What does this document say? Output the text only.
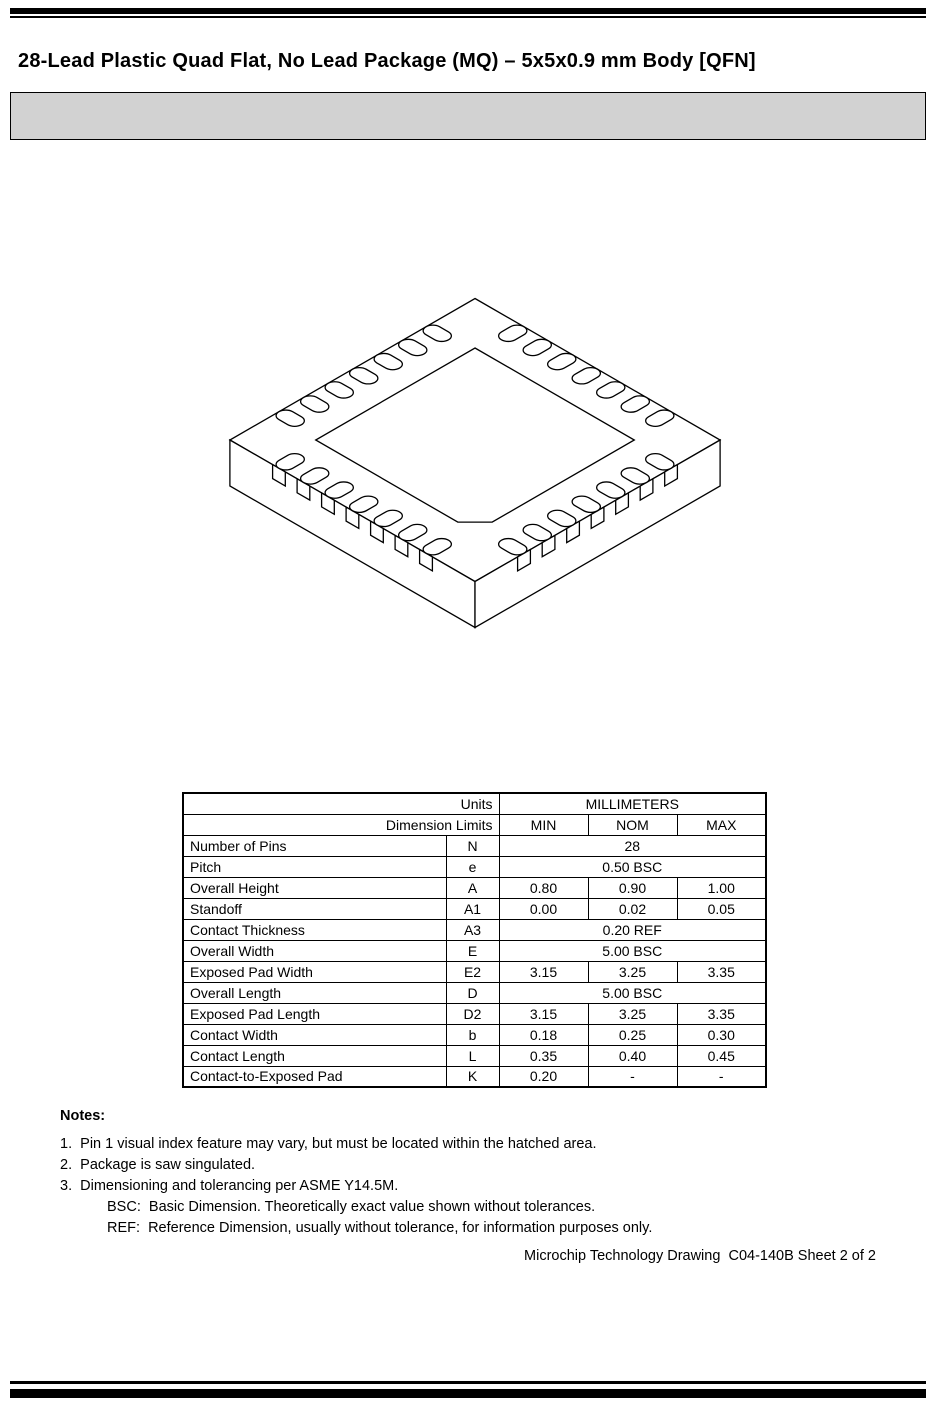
28-Lead Plastic Quad Flat, No Lead Package (MQ) – 5x5x0.9 mm Body [QFN]
Units		MILLIMETERS		
Dimension Limits		MIN	NOM	MAX
Number of Pins	N	28		
Pitch	e	0.50 BSC		
Overall Height	A	0.80	0.90	1.00
Standoff	A1	0.00	0.02	0.05
Contact Thickness	A3	0.20 REF		
Overall Width	E	5.00 BSC		
Exposed Pad Width	E2	3.15	3.25	3.35
Overall Length	D	5.00 BSC		
Exposed Pad Length	D2	3.15	3.25	3.35
Contact Width	b	0.18	0.25	0.30
Contact Length	L	0.35	0.40	0.45
Contact-to-Exposed Pad	K	0.20	-	-
Notes:
1.  Pin 1 visual index feature may vary, but must be located within the hatched area.
2.  Package is saw singulated.
3.  Dimensioning and tolerancing per ASME Y14.5M.
BSC:  Basic Dimension. Theoretically exact value shown without tolerances.
REF:  Reference Dimension, usually without tolerance, for information purposes only.
Microchip Technology Drawing  C04-140B Sheet 2 of 2
